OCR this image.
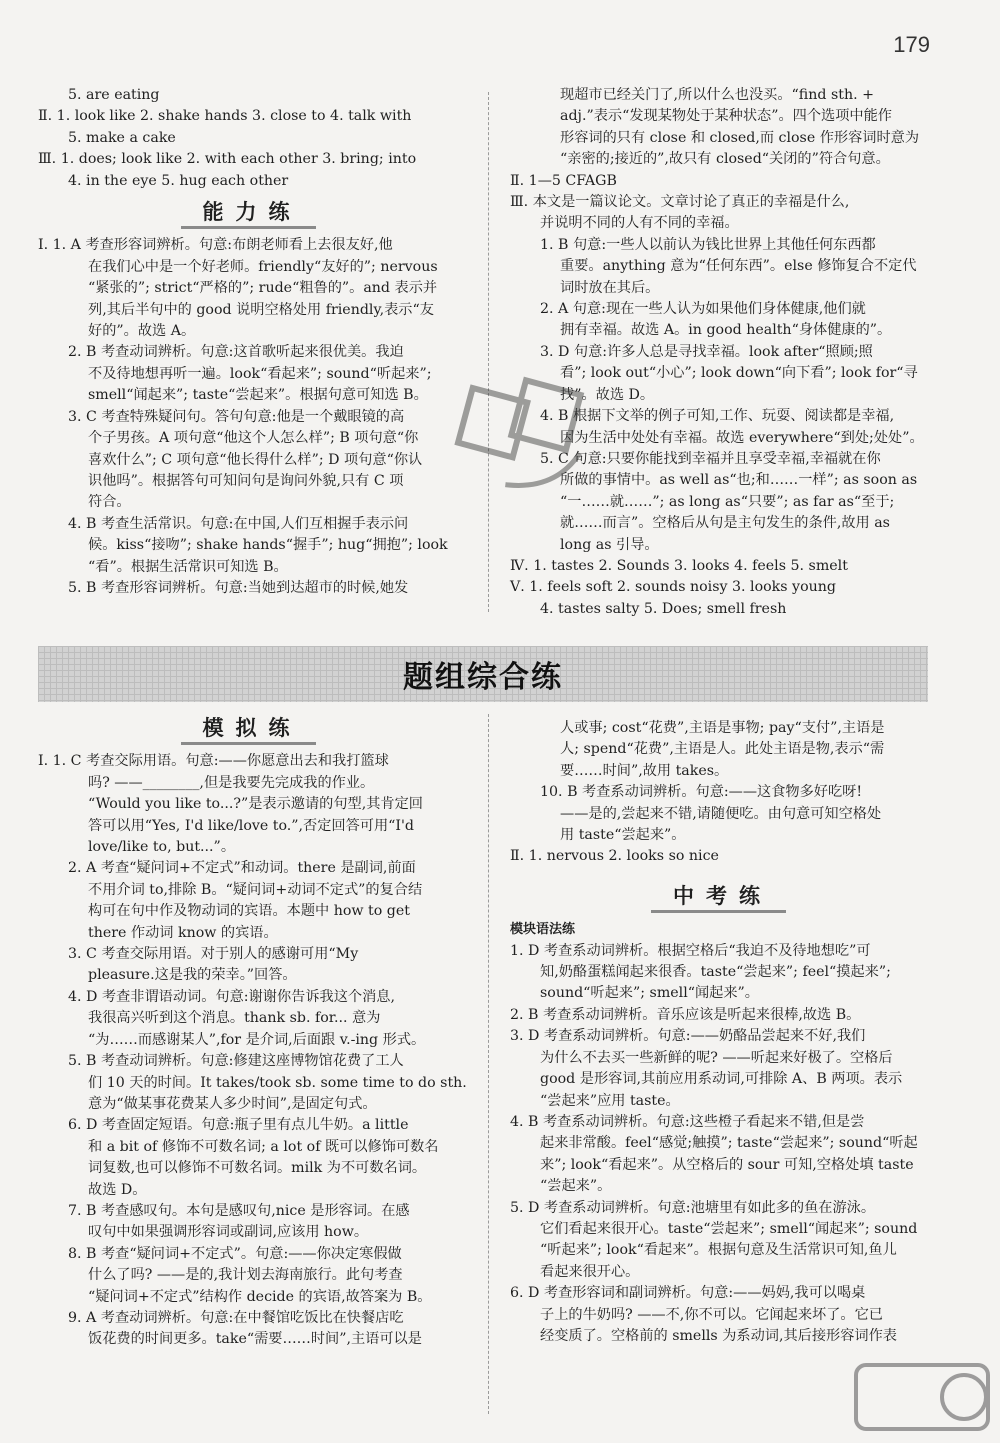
179
5. are eating
Ⅱ. 1. look like 2. shake hands 3. close to 4. talk with
5. make a cake
Ⅲ. 1. does; look like 2. with each other 3. bring; into
4. in the eye 5. hug each other
能力练
Ⅰ. 1. A 考查形容词辨析。句意:布朗老师看上去很友好,他
在我们心中是一个好老师。friendly“友好的”; nervous
“紧张的”; strict“严格的”; rude“粗鲁的”。and 表示并
列,其后半句中的 good 说明空格处用 friendly,表示“友
好的”。故选 A。
2. B 考查动词辨析。句意:这首歌听起来很优美。我迫
不及待地想再听一遍。look“看起来”; sound“听起来”;
smell“闻起来”; taste“尝起来”。根据句意可知选 B。
3. C 考查特殊疑问句。答句句意:他是一个戴眼镜的高
个子男孩。A 项句意“他这个人怎么样”; B 项句意“你
喜欢什么”; C 项句意“他长得什么样”; D 项句意“你认
识他吗”。根据答句可知问句是询问外貌,只有 C 项
符合。
4. B 考查生活常识。句意:在中国,人们互相握手表示问
候。kiss“接吻”; shake hands“握手”; hug“拥抱”; look
“看”。根据生活常识可知选 B。
5. B 考查形容词辨析。句意:当她到达超市的时候,她发
现超市已经关门了,所以什么也没买。“find sth. +
adj.”表示“发现某物处于某种状态”。四个选项中能作
形容词的只有 close 和 closed,而 close 作形容词时意为
“亲密的;接近的”,故只有 closed“关闭的”符合句意。
Ⅱ. 1—5 CFAGB
Ⅲ. 本文是一篇议论文。文章讨论了真正的幸福是什么,
并说明不同的人有不同的幸福。
1. B 句意:一些人以前认为钱比世界上其他任何东西都
重要。anything 意为“任何东西”。else 修饰复合不定代
词时放在其后。
2. A 句意:现在一些人认为如果他们身体健康,他们就
拥有幸福。故选 A。in good health“身体健康的”。
3. D 句意:许多人总是寻找幸福。look after“照顾;照
看”; look out“小心”; look down“向下看”; look for“寻
找”。故选 D。
4. B 根据下文举的例子可知,工作、玩耍、阅读都是幸福,
因为生活中处处有幸福。故选 everywhere“到处;处处”。
5. C 句意:只要你能找到幸福并且享受幸福,幸福就在你
所做的事情中。as well as“也;和……一样”; as soon as
“一……就……”; as long as“只要”; as far as“至于;
就……而言”。空格后从句是主句发生的条件,故用 as
long as 引导。
Ⅳ. 1. tastes 2. Sounds 3. looks 4. feels 5. smelt
Ⅴ. 1. feels soft 2. sounds noisy 3. looks young
4. tastes salty 5. Does; smell fresh
题组综合练
模拟练
Ⅰ. 1. C 考查交际用语。句意:——你愿意出去和我打篮球
吗? ——________,但是我要先完成我的作业。
“Would you like to...?”是表示邀请的句型,其肯定回
答可以用“Yes, I'd like/love to.”,否定回答可用“I'd
love/like to, but...”。
2. A 考查“疑问词+不定式”和动词。there 是副词,前面
不用介词 to,排除 B。“疑问词+动词不定式”的复合结
构可在句中作及物动词的宾语。本题中 how to get
there 作动词 know 的宾语。
3. C 考查交际用语。对于别人的感谢可用“My
pleasure.这是我的荣幸。”回答。
4. D 考查非谓语动词。句意:谢谢你告诉我这个消息,
我很高兴听到这个消息。thank sb. for... 意为
“为……而感谢某人”,for 是介词,后面跟 v.-ing 形式。
5. B 考查动词辨析。句意:修建这座博物馆花费了工人
们 10 天的时间。It takes/took sb. some time to do sth.
意为“做某事花费某人多少时间”,是固定句式。
6. D 考查固定短语。句意:瓶子里有点儿牛奶。a little
和 a bit of 修饰不可数名词; a lot of 既可以修饰可数名
词复数,也可以修饰不可数名词。milk 为不可数名词。
故选 D。
7. B 考查感叹句。本句是感叹句,nice 是形容词。在感
叹句中如果强调形容词或副词,应该用 how。
8. B 考查“疑问词+不定式”。句意:——你决定寒假做
什么了吗? ——是的,我计划去海南旅行。此句考查
“疑问词+不定式”结构作 decide 的宾语,故答案为 B。
9. A 考查动词辨析。句意:在中餐馆吃饭比在快餐店吃
饭花费的时间更多。take“需要……时间”,主语可以是
人或事; cost“花费”,主语是事物; pay“支付”,主语是
人; spend“花费”,主语是人。此处主语是物,表示“需
要……时间”,故用 takes。
10. B 考查系动词辨析。句意:——这食物多好吃呀!
——是的,尝起来不错,请随便吃。由句意可知空格处
用 taste“尝起来”。
Ⅱ. 1. nervous 2. looks so nice
中考练
模块语法练
1. D 考查系动词辨析。根据空格后“我迫不及待地想吃”可
知,奶酪蛋糕闻起来很香。taste“尝起来”; feel“摸起来”;
sound“听起来”; smell“闻起来”。
2. B 考查系动词辨析。音乐应该是听起来很棒,故选 B。
3. D 考查系动词辨析。句意:——奶酪品尝起来不好,我们
为什么不去买一些新鲜的呢? ——听起来好极了。空格后
good 是形容词,其前应用系动词,可排除 A、B 两项。表示
“尝起来”应用 taste。
4. B 考查系动词辨析。句意:这些橙子看起来不错,但是尝
起来非常酸。feel“感觉;触摸”; taste“尝起来”; sound“听起
来”; look“看起来”。从空格后的 sour 可知,空格处填 taste
“尝起来”。
5. D 考查系动词辨析。句意:池塘里有如此多的鱼在游泳。
它们看起来很开心。taste“尝起来”; smell“闻起来”; sound
“听起来”; look“看起来”。根据句意及生活常识可知,鱼儿
看起来很开心。
6. D 考查形容词和副词辨析。句意:——妈妈,我可以喝桌
子上的牛奶吗? ——不,你不可以。它闻起来坏了。它已
经变质了。空格前的 smells 为系动词,其后接形容词作表
